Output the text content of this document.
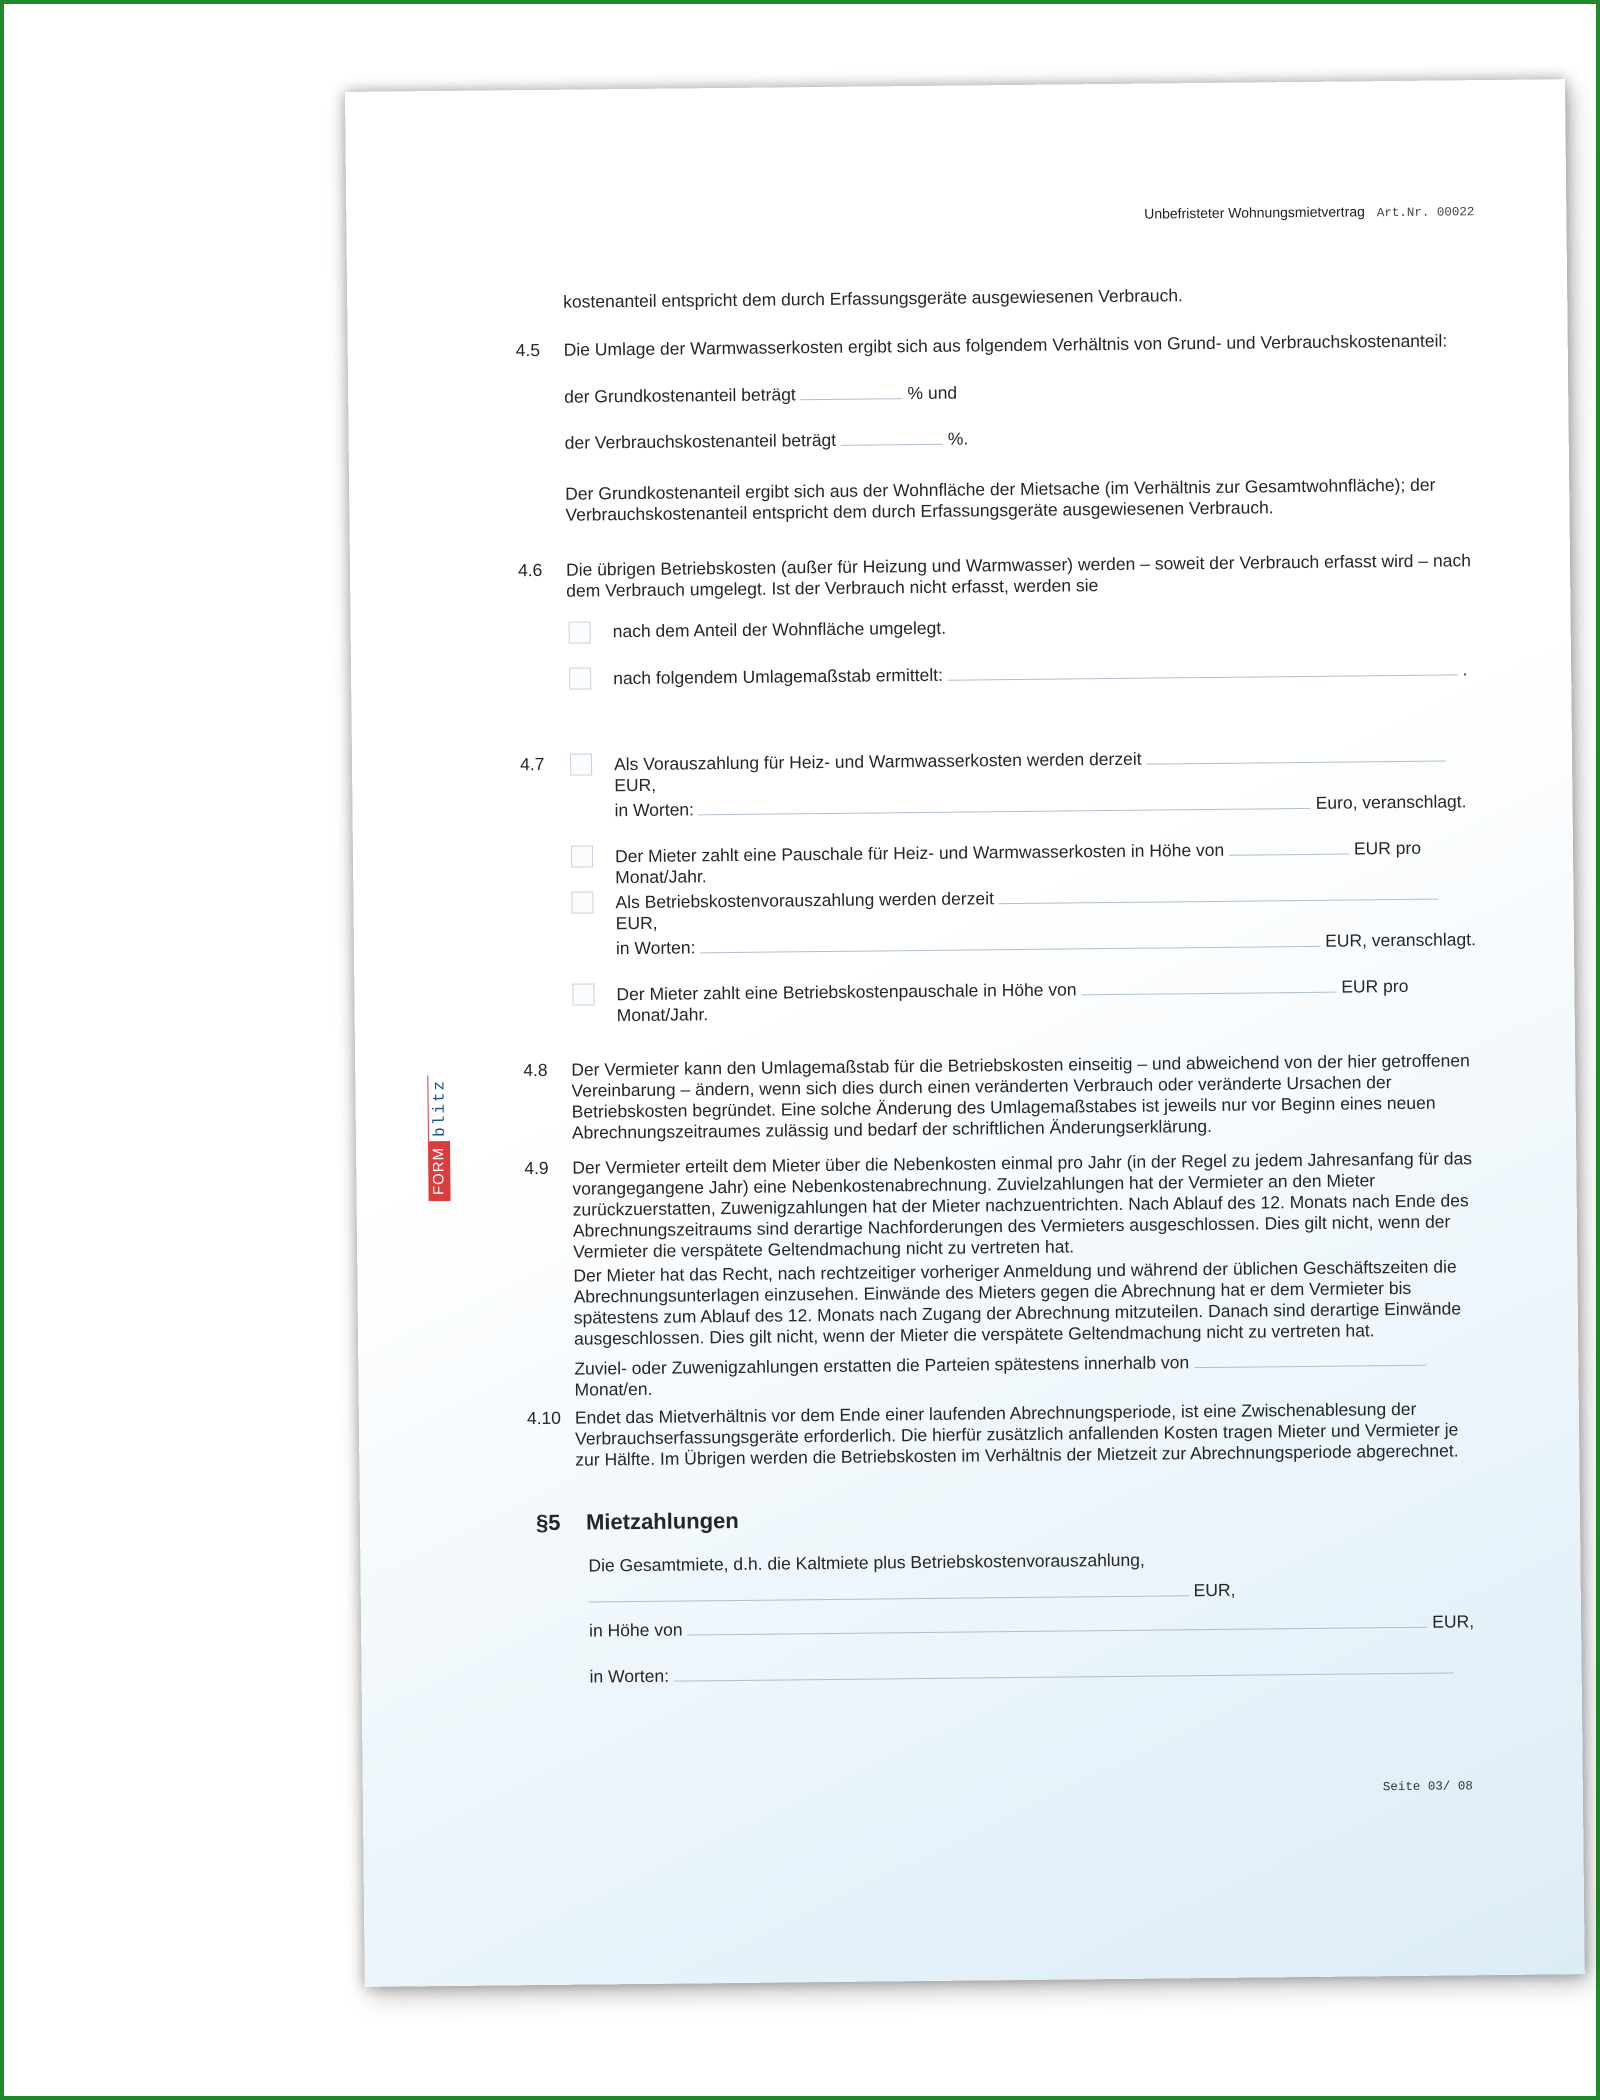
Unbefristeter Wohnungsmietvertrag Art.Nr. 00022
FORM
blitz
kostenanteil entspricht dem durch Erfassungsgeräte ausgewiesenen Verbrauch.
4.5	Die Umlage der Warmwasserkosten ergibt sich aus folgendem Verhältnis von Grund- und Verbrauchskostenanteil:
der Grundkostenanteil beträgt	% und
der Verbrauchskostenanteil beträgt	%.
Der Grundkostenanteil ergibt sich aus der Wohnfläche der Mietsache (im Verhältnis zur Gesamtwohnfläche); der Verbrauchskostenanteil entspricht dem durch Erfassungsgeräte ausgewiesenen Verbrauch.
4.6	Die übrigen Betriebskosten (außer für Heizung und Warmwasser) werden – soweit der Verbrauch erfasst wird – nach dem Verbrauch umgelegt. Ist der Verbrauch nicht erfasst, werden sie
nach dem Anteil der Wohnfläche umgelegt.
nach folgendem Umlagemaßstab ermittelt:	.
4.7	Als Vorauszahlung für Heiz- und Warmwasserkosten werden derzeit  EUR,
in Worten:	Euro, veranschlagt.
Der Mieter zahlt eine Pauschale für Heiz- und Warmwasserkosten in Höhe von	EUR pro Monat/Jahr.
Als Betriebskostenvorauszahlung werden derzeit  EUR,
in Worten:	EUR, veranschlagt.
Der Mieter zahlt eine Betriebskostenpauschale in Höhe von	EUR pro Monat/Jahr.
4.8	Der Vermieter kann den Umlagemaßstab für die Betriebskosten einseitig – und abweichend von der hier getroffenen Vereinbarung – ändern, wenn sich dies durch einen veränderten Verbrauch oder veränderte Ursachen der Betriebskosten begründet. Eine solche Änderung des Umlagemaßstabes ist jeweils nur vor Beginn eines neuen Abrechnungszeitraumes zulässig und bedarf der schriftlichen Änderungserklärung.
4.9	Der Vermieter erteilt dem Mieter über die Nebenkosten einmal pro Jahr (in der Regel zu jedem Jahresanfang für das vorangegangene Jahr) eine Nebenkostenabrechnung. Zuvielzahlungen hat der Vermieter an den Mieter zurückzuerstatten, Zuwenigzahlungen hat der Mieter nachzuentrichten. Nach Ablauf des 12. Monats nach Ende des Abrechnungszeitraums sind derartige Nachforderungen des Vermieters ausgeschlossen. Dies gilt nicht, wenn der Vermieter die verspätete Geltendmachung nicht zu vertreten hat.
Der Mieter hat das Recht, nach rechtzeitiger vorheriger Anmeldung und während der üblichen Geschäftszeiten die Abrechnungsunterlagen einzusehen. Einwände des Mieters gegen die Abrechnung hat er dem Vermieter bis spätestens zum Ablauf des 12. Monats nach Zugang der Abrechnung mitzuteilen. Danach sind derartige Einwände ausgeschlossen. Dies gilt nicht, wenn der Mieter die verspätete Geltendmachung nicht zu vertreten hat.
Zuviel- oder Zuwenigzahlungen erstatten die Parteien spätestens innerhalb von  Monat/en.
4.10 Endet das Mietverhältnis vor dem Ende einer laufenden Abrechnungsperiode, ist eine Zwischenablesung der Verbrauchserfassungsgeräte erforderlich. Die hierfür zusätzlich anfallenden Kosten tragen Mieter und Vermieter je zur Hälfte. Im Übrigen werden die Betriebskosten im Verhältnis der Mietzeit zur Abrechnungsperiode abgerechnet.
§5 Mietzahlungen
Die Gesamtmiete, d.h. die Kaltmiete plus Betriebskostenvorauszahlung,
EUR,
in Höhe von	EUR,
in Worten:
Seite 03/ 08
